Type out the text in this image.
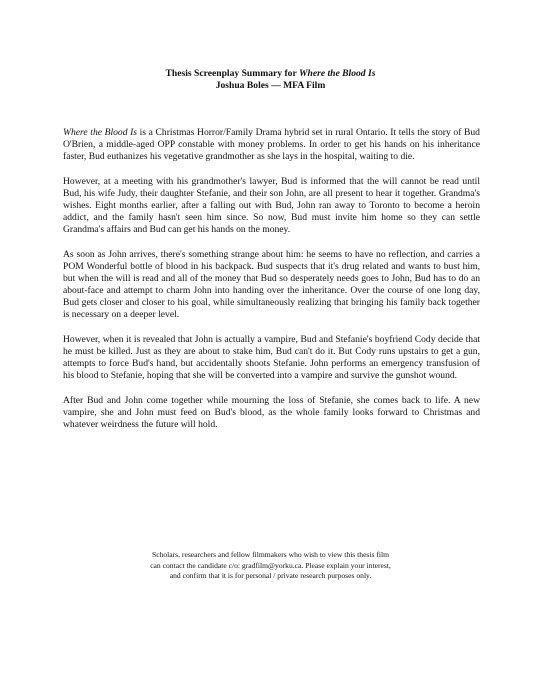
Thesis Screenplay Summary for Where the Blood Is
Joshua Boles — MFA Film

Where the Blood Is is a Christmas Horror/Family Drama hybrid set in rural Ontario. It tells the story of Bud O'Brien, a middle-aged OPP constable with money problems. In order to get his hands on his inheritance faster, Bud euthanizes his vegetative grandmother as she lays in the hospital, waiting to die.

However, at a meeting with his grandmother's lawyer, Bud is informed that the will cannot be read until Bud, his wife Judy, their daughter Stefanie, and their son John, are all present to hear it together. Grandma's wishes. Eight months earlier, after a falling out with Bud, John ran away to Toronto to become a heroin addict, and the family hasn't seen him since. So now, Bud must invite him home so they can settle Grandma's affairs and Bud can get his hands on the money.

As soon as John arrives, there's something strange about him: he seems to have no reflection, and carries a POM Wonderful bottle of blood in his backpack. Bud suspects that it's drug related and wants to bust him, but when the will is read and all of the money that Bud so desperately needs goes to John, Bud has to do an about-face and attempt to charm John into handing over the inheritance. Over the course of one long day, Bud gets closer and closer to his goal, while simultaneously realizing that bringing his family back together is necessary on a deeper level.

However, when it is revealed that John is actually a vampire, Bud and Stefanie's boyfriend Cody decide that he must be killed. Just as they are about to stake him, Bud can't do it. But Cody runs upstairs to get a gun, attempts to force Bud's hand, but accidentally shoots Stefanie. John performs an emergency transfusion of his blood to Stefanie, hoping that she will be converted into a vampire and survive the gunshot wound.

After Bud and John come together while mourning the loss of Stefanie, she comes back to life. A new vampire, she and John must feed on Bud's blood, as the whole family looks forward to Christmas and whatever weirdness the future will hold.

Scholars, researchers and fellow filmmakers who wish to view this thesis film
can contact the candidate c/o: gradfilm@yorku.ca. Please explain your interest,
and confirm that it is for personal / private research purposes only.
